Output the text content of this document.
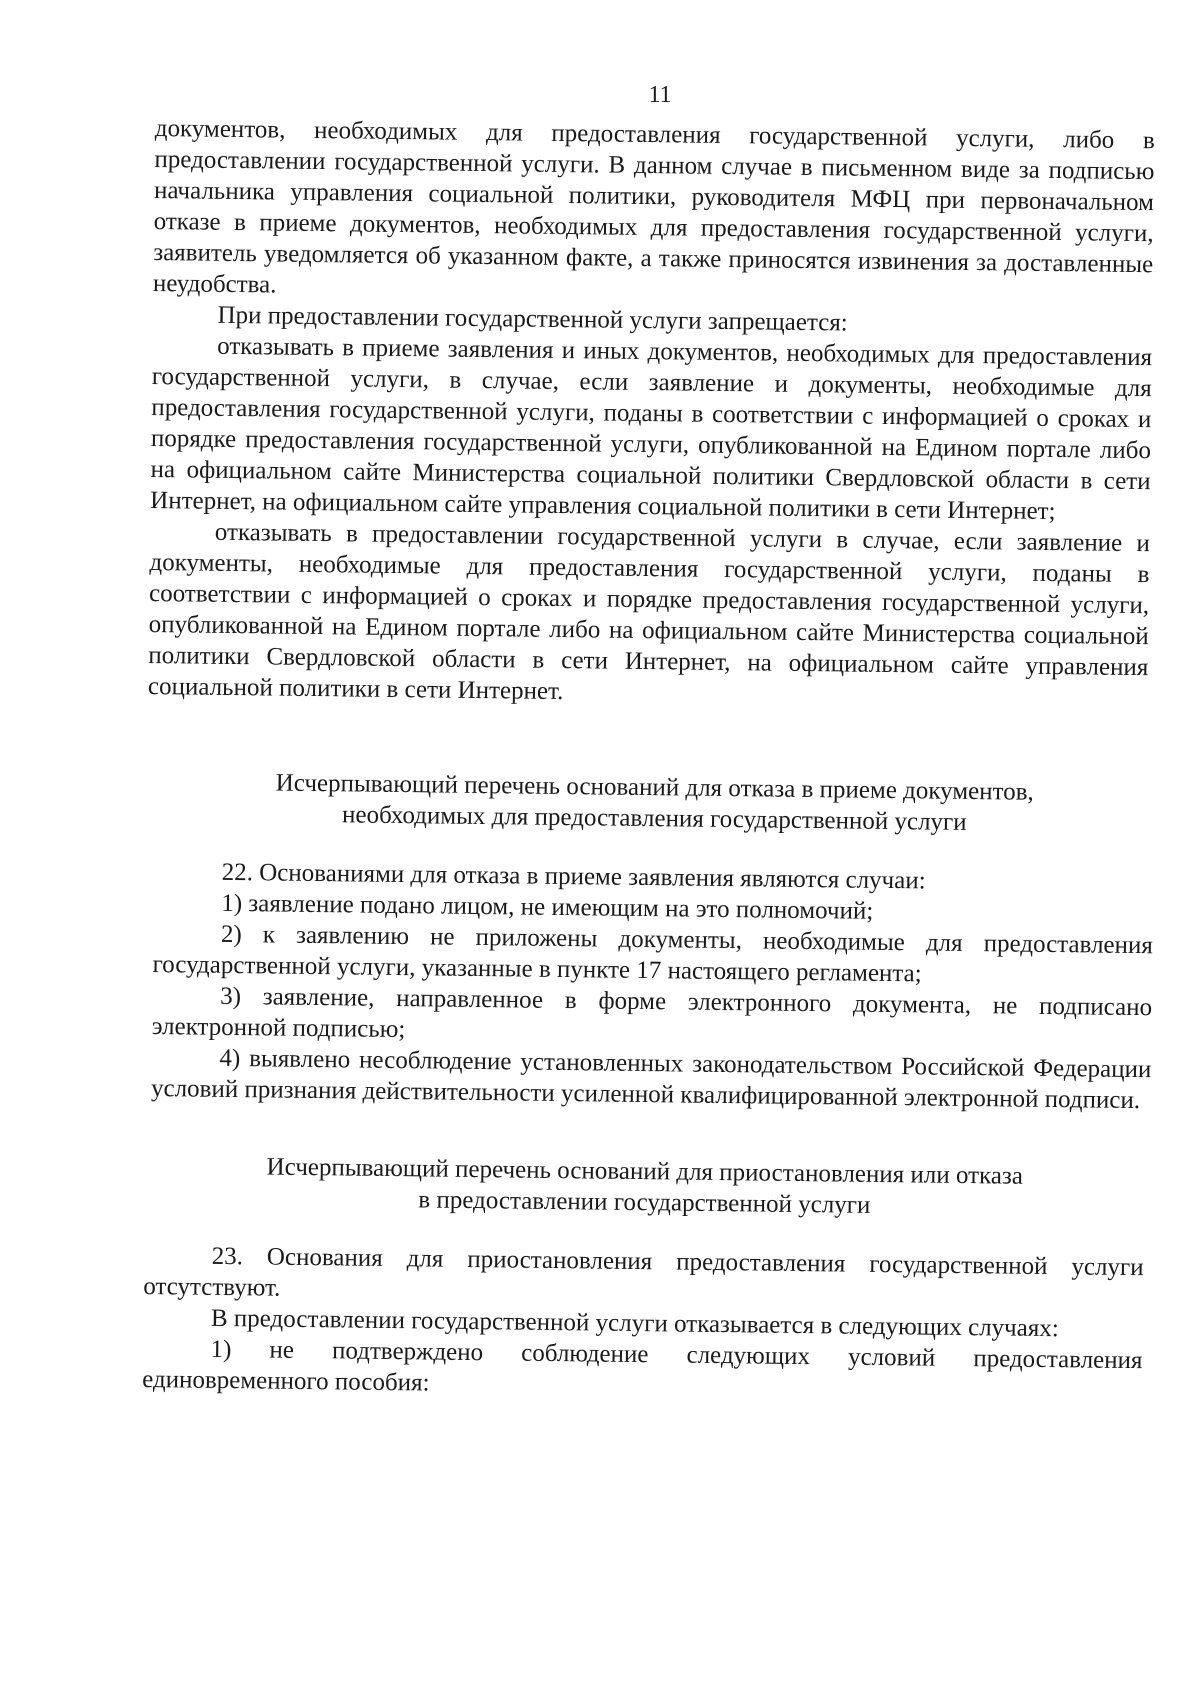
11

документов, необходимых для предоставления государственной услуги, либо в предоставлении государственной услуги. В данном случае в письменном виде за подписью начальника управления социальной политики, руководителя МФЦ при первоначальном отказе в приеме документов, необходимых для предоставления государственной услуги, заявитель уведомляется об указанном факте, а также приносятся извинения за доставленные неудобства.

При предоставлении государственной услуги запрещается:

отказывать в приеме заявления и иных документов, необходимых для предоставления государственной услуги, в случае, если заявление и документы, необходимые для предоставления государственной услуги, поданы в соответствии с информацией о сроках и порядке предоставления государственной услуги, опубликованной на Едином портале либо на официальном сайте Министерства социальной политики Свердловской области в сети Интернет, на официальном сайте управления социальной политики в сети Интернет;

отказывать в предоставлении государственной услуги в случае, если заявление и документы, необходимые для предоставления государственной услуги, поданы в соответствии с информацией о сроках и порядке предоставления государственной услуги, опубликованной на Едином портале либо на официальном сайте Министерства социальной политики Свердловской области в сети Интернет, на официальном сайте управления социальной политики в сети Интернет.

Исчерпывающий перечень оснований для отказа в приеме документов,
необходимых для предоставления государственной услуги

22. Основаниями для отказа в приеме заявления являются случаи:

1) заявление подано лицом, не имеющим на это полномочий;

2) к заявлению не приложены документы, необходимые для предоставления государственной услуги, указанные в пункте 17 настоящего регламента;

3) заявление, направленное в форме электронного документа, не подписано электронной подписью;

4) выявлено несоблюдение установленных законодательством Российской Федерации условий признания действительности усиленной квалифицированной электронной подписи.

Исчерпывающий перечень оснований для приостановления или отказа
в предоставлении государственной услуги

23. Основания для приостановления предоставления государственной услуги отсутствуют.

В предоставлении государственной услуги отказывается в следующих случаях:

1) не подтверждено соблюдение следующих условий предоставления единовременного пособия:
